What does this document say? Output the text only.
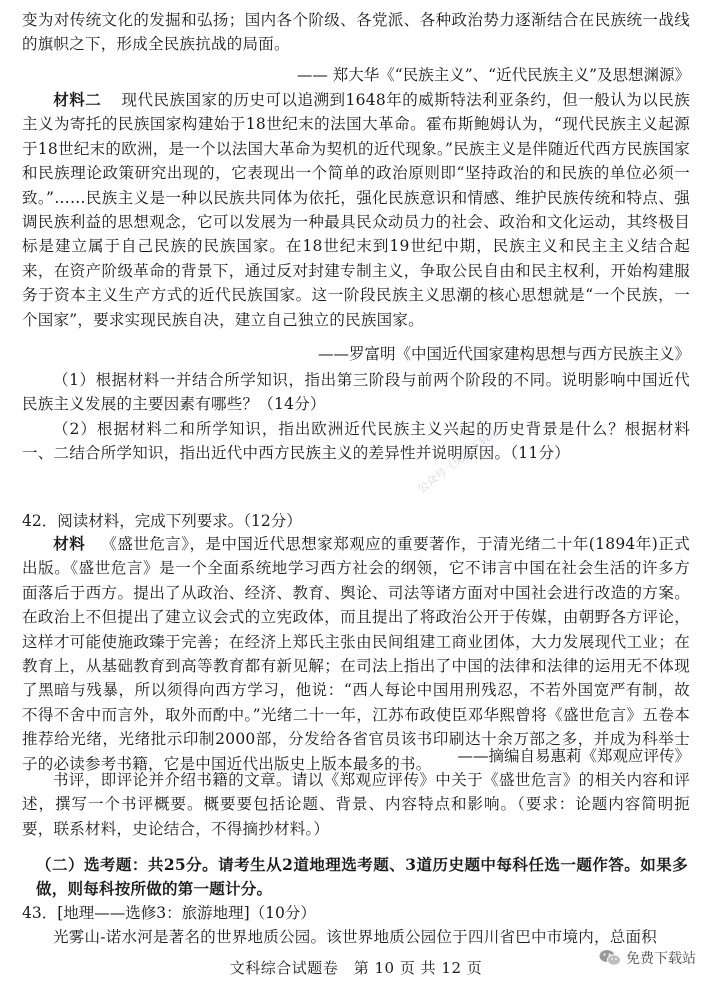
变为对传统文化的发掘和弘扬；国内各个阶级、各党派、各种政治势力逐渐结合在民族统一战线的旗帜之下，形成全民族抗战的局面。

—— 郑大华《“民族主义”、“近代民族主义”及思想渊源》

材料二 现代民族国家的历史可以追溯到1648年的威斯特法利亚条约，但一般认为以民族主义为寄托的民族国家构建始于18世纪末的法国大革命。霍布斯鲍姆认为，“现代民族主义起源于18世纪末的欧洲，是一个以法国大革命为契机的近代现象。”民族主义是伴随近代西方民族国家和民族理论政策研究出现的，它表现出一个简单的政治原则即“坚持政治的和民族的单位必须一致。”……民族主义是一种以民族共同体为依托，强化民族意识和情感、维护民族传统和特点、强调民族利益的思想观念，它可以发展为一种最具民众动员力的社会、政治和文化运动，其终极目标是建立属于自己民族的民族国家。在18世纪末到19世纪中期，民族主义和民主主义结合起来，在资产阶级革命的背景下，通过反对封建专制主义，争取公民自由和民主权利，开始构建服务于资本主义生产方式的近代民族国家。这一阶段民族主义思潮的核心思想就是“一个民族，一个国家”，要求实现民族自决，建立自己独立的民族国家。

——罗富明《中国近代国家建构思想与西方民族主义》

（1）根据材料一并结合所学知识，指出第三阶段与前两个阶段的不同。说明影响中国近代民族主义发展的主要因素有哪些？（14分）

（2）根据材料二和所学知识，指出欧洲近代民族主义兴起的历史背景是什么？根据材料一、二结合所学知识，指出近代中西方民族主义的差异性并说明原因。（11分）

42．阅读材料，完成下列要求。（12分）

材料 《盛世危言》，是中国近代思想家郑观应的重要著作，于清光绪二十年(1894年)正式出版。《盛世危言》是一个全面系统地学习西方社会的纲领，它不讳言中国在社会生活的许多方面落后于西方。提出了从政治、经济、教育、舆论、司法等诸方面对中国社会进行改造的方案。在政治上不但提出了建立议会式的立宪政体，而且提出了将政治公开于传媒，由朝野各方评论，这样才可能使施政臻于完善；在经济上郑氏主张由民间组建工商业团体，大力发展现代工业；在教育上，从基础教育到高等教育都有新见解；在司法上指出了中国的法律和法律的运用无不体现了黑暗与残暴，所以须得向西方学习，他说：“西人每论中国用刑残忍，不若外国宽严有制，故不得不舍中而言外，取外而酌中。”光绪二十一年，江苏布政使臣邓华熙曾将《盛世危言》五卷本推荐给光绪，光绪批示印制2000部，分发给各省官员该书印刷达十余万部之多，并成为科举士子的必读参考书籍，它是中国近代出版史上版本最多的书。	——摘编自易惠莉《郑观应评传》

书评，即评论并介绍书籍的文章。请以《郑观应评传》中关于《盛世危言》的相关内容和评述，撰写一个书评概要。概要要包括论题、背景、内容特点和影响。（要求：论题内容简明扼要，联系材料，史论结合，不得摘抄材料。）

（二）选考题：共25分。请考生从2道地理选考题、3道历史题中每科任选一题作答。如果多做，则每科按所做的第一题计分。

43．[地理——选修3：旅游地理]（10分）

光雾山-诺水河是著名的世界地质公园。该世界地质公园位于四川省巴中市境内，总面积

文科综合试题卷　第 10 页 共 12 页
公众号《免费下载站》
免费下载站
